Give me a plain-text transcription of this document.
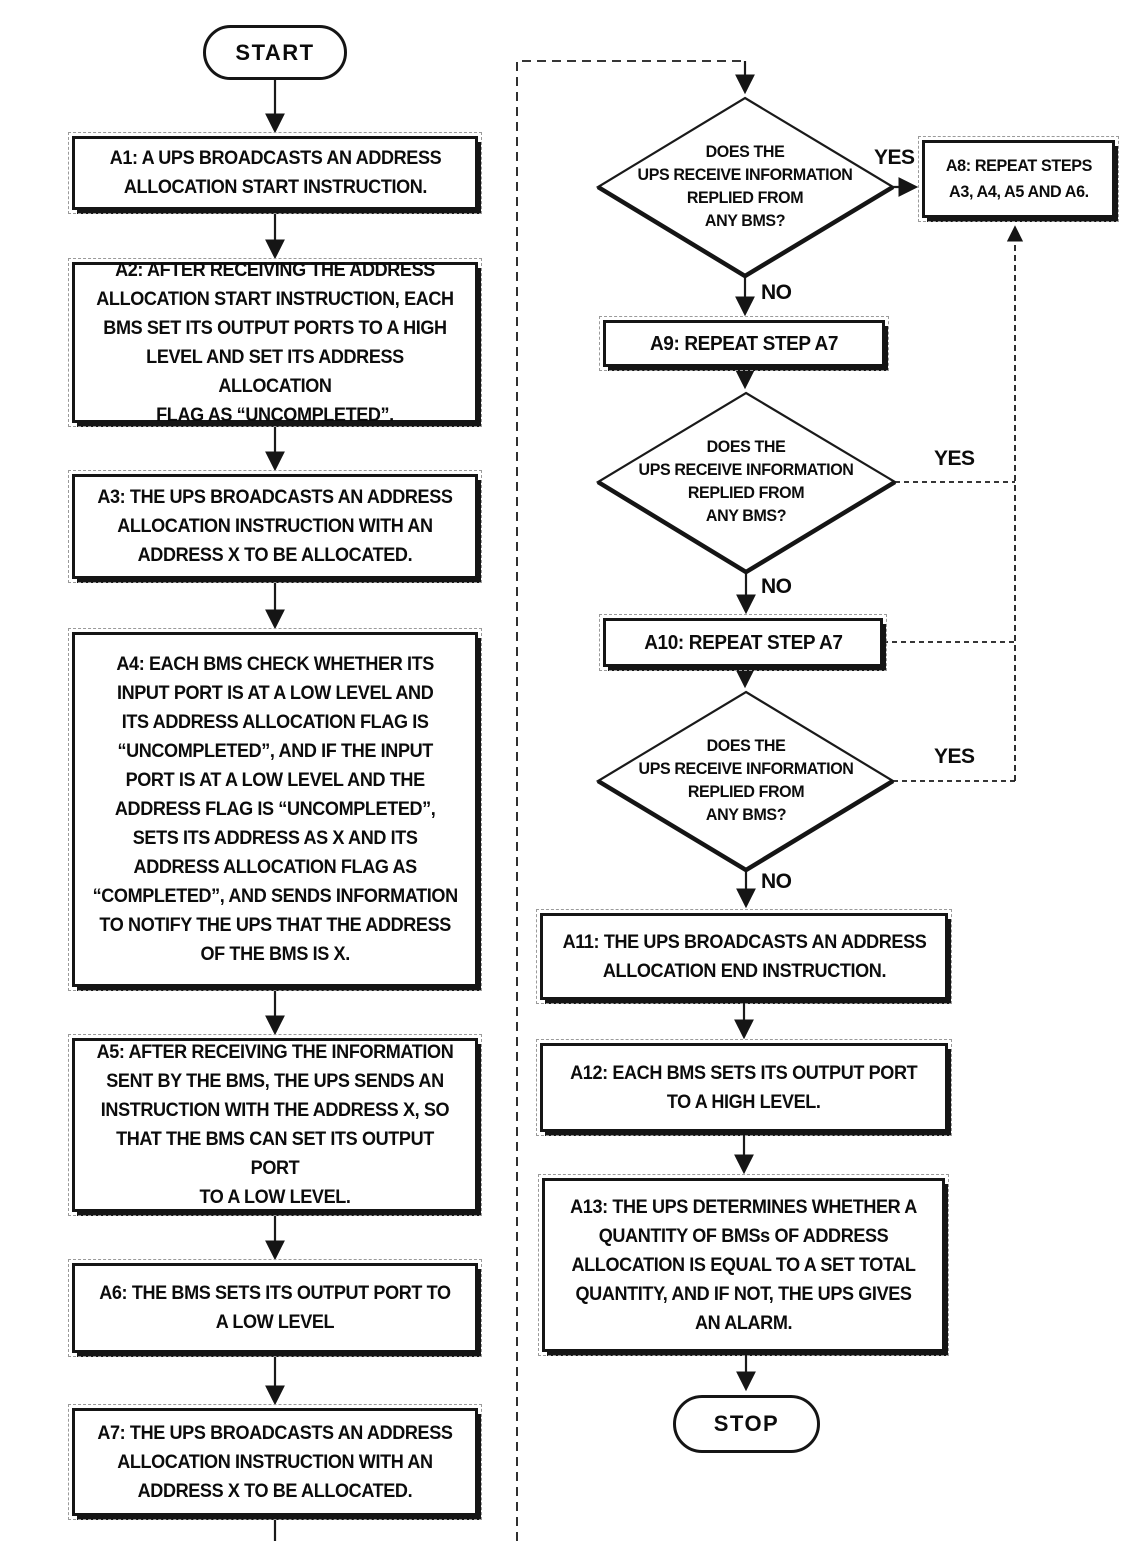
START
STOP
A1: A UPS BROADCASTS AN ADDRESS
ALLOCATION START INSTRUCTION.
A2: AFTER RECEIVING THE ADDRESS
ALLOCATION START INSTRUCTION, EACH
BMS SET ITS OUTPUT PORTS TO A HIGH
LEVEL AND SET ITS ADDRESS ALLOCATION
FLAG AS “UNCOMPLETED”.
A3: THE UPS BROADCASTS AN ADDRESS
ALLOCATION INSTRUCTION WITH AN
ADDRESS X TO BE ALLOCATED.
A4: EACH BMS CHECK WHETHER ITS
INPUT PORT IS AT A LOW LEVEL AND
ITS ADDRESS ALLOCATION FLAG IS
“UNCOMPLETED”, AND IF THE INPUT
PORT IS AT A LOW LEVEL AND THE
ADDRESS FLAG IS “UNCOMPLETED”,
SETS ITS ADDRESS AS X AND ITS
ADDRESS ALLOCATION FLAG AS
“COMPLETED”, AND SENDS INFORMATION
TO NOTIFY THE UPS THAT THE ADDRESS
OF THE BMS IS X.
A5: AFTER RECEIVING THE INFORMATION
SENT BY THE BMS, THE UPS SENDS AN
INSTRUCTION WITH THE ADDRESS X, SO
THAT THE BMS CAN SET ITS OUTPUT PORT
TO A LOW LEVEL.
A6: THE BMS SETS ITS OUTPUT PORT TO
A LOW LEVEL
A7: THE UPS BROADCASTS AN ADDRESS
ALLOCATION INSTRUCTION WITH AN
ADDRESS X TO BE ALLOCATED.
A8: REPEAT STEPS
A3, A4, A5 AND A6.
A9: REPEAT STEP A7
A10: REPEAT STEP A7
A11: THE UPS BROADCASTS AN ADDRESS
ALLOCATION END INSTRUCTION.
A12: EACH BMS SETS ITS OUTPUT PORT
TO A HIGH LEVEL.
A13: THE UPS DETERMINES WHETHER A
QUANTITY OF BMSs OF ADDRESS
ALLOCATION IS EQUAL TO A SET TOTAL
QUANTITY, AND IF NOT, THE UPS GIVES
AN ALARM.
DOES THE
UPS RECEIVE INFORMATION
REPLIED FROM
ANY BMS?
DOES THE
UPS RECEIVE INFORMATION
REPLIED FROM
ANY BMS?
DOES THE
UPS RECEIVE INFORMATION
REPLIED FROM
ANY BMS?
YES
NO
YES
NO
YES
NO
